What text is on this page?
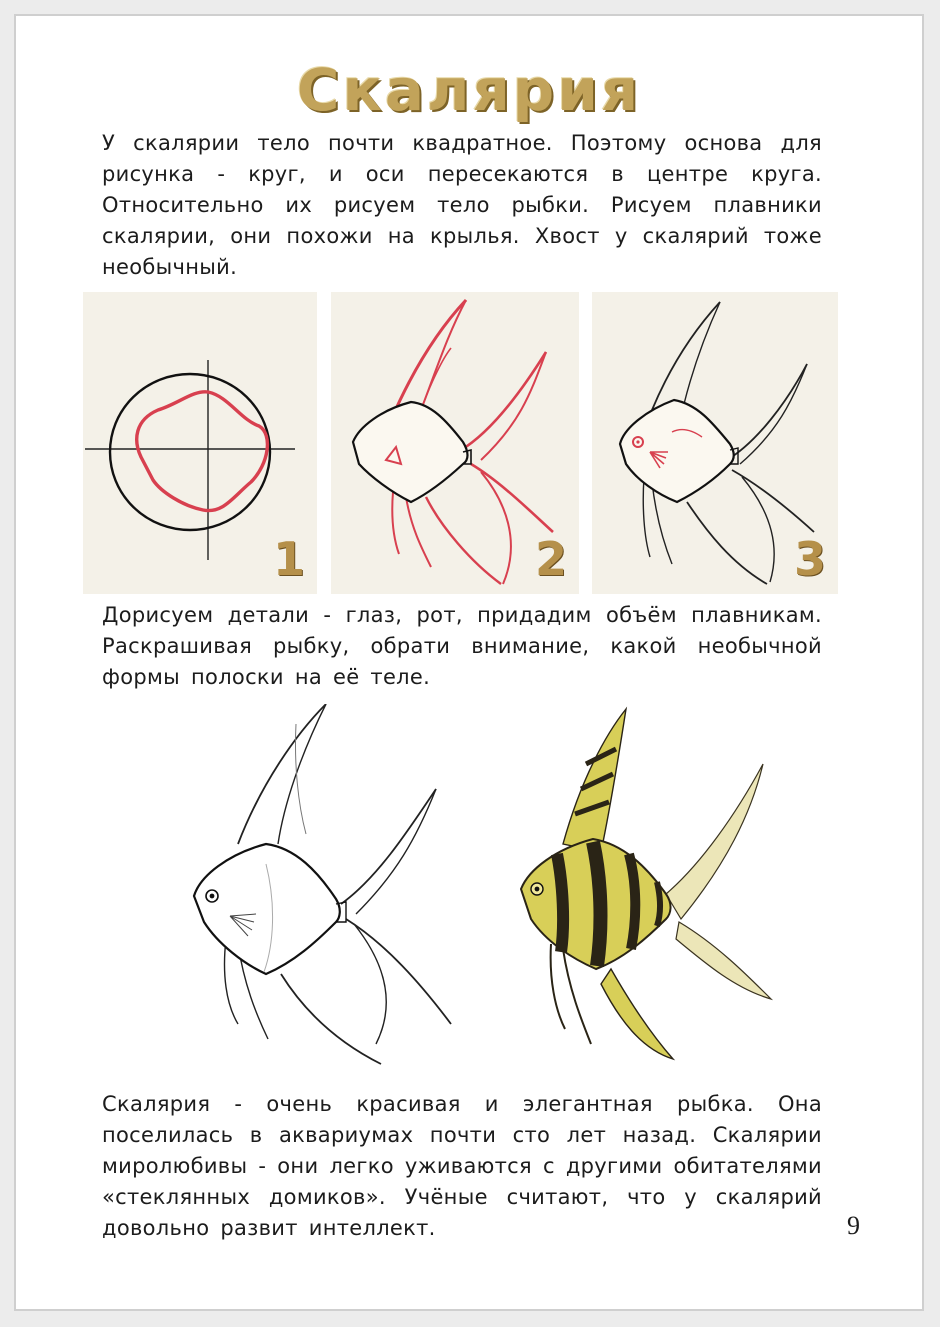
Скалярия

У скалярии тело почти квадратное. Поэтому основа для рисунка - круг, и оси пересекаются в центре круга. Относительно их рисуем тело рыбки. Рисуем плавники скалярии, они похожи на крылья. Хвост у скалярий тоже необычный.

1	2	3

Дорисуем детали - глаз, рот, придадим объём плавникам. Раскрашивая рыбку, обрати внимание, какой необычной формы полоски на её теле.

Скалярия - очень красивая и элегантная рыбка. Она поселилась в аквариумах почти сто лет назад. Скалярии миролюбивы - они легко уживаются с другими обитателями «стеклянных домиков». Учёные считают, что у скалярий довольно развит интеллект.	9
